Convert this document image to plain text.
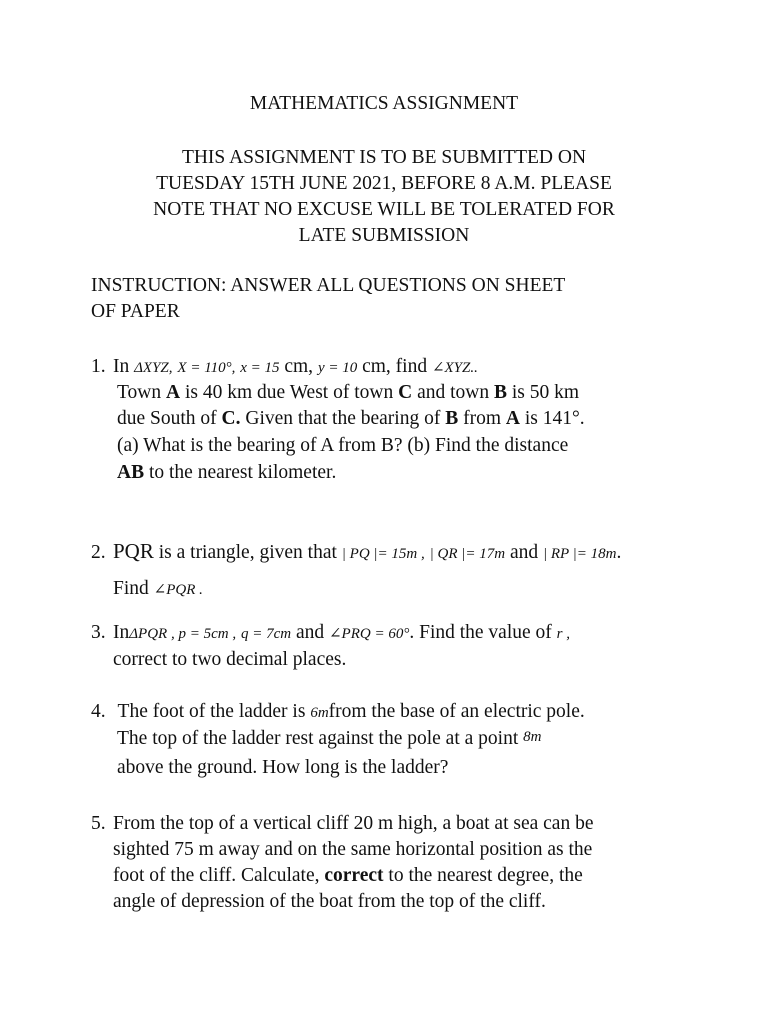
MATHEMATICS ASSIGNMENT
THIS ASSIGNMENT IS TO BE SUBMITTED ON
TUESDAY 15TH JUNE 2021, BEFORE 8 A.M. PLEASE
NOTE THAT NO EXCUSE WILL BE TOLERATED FOR
LATE SUBMISSION
INSTRUCTION: ANSWER ALL QUESTIONS ON SHEET
OF PAPER
1. In ΔXYZ, X = 110°, x = 15 cm, y = 10 cm, find ∠XYZ..
Town A is 40 km due West of town C and town B is 50 km
due South of C. Given that the bearing of B from A is 141°.
(a) What is the bearing of A from B? (b) Find the distance
AB to the nearest kilometer.
2. PQR is a triangle, given that | PQ |= 15m , | QR |= 17m and | RP |= 18m.
Find ∠PQR .
3. InΔPQR , p = 5cm , q = 7cm and ∠PRQ = 60°. Find the value of r ,
correct to two decimal places.
4. The foot of the ladder is 6mfrom the base of an electric pole.
The top of the ladder rest against the pole at a point 8m
above the ground. How long is the ladder?
5. From the top of a vertical cliff 20 m high, a boat at sea can be
sighted 75 m away and on the same horizontal position as the
foot of the cliff. Calculate, correct to the nearest degree, the
angle of depression of the boat from the top of the cliff.
